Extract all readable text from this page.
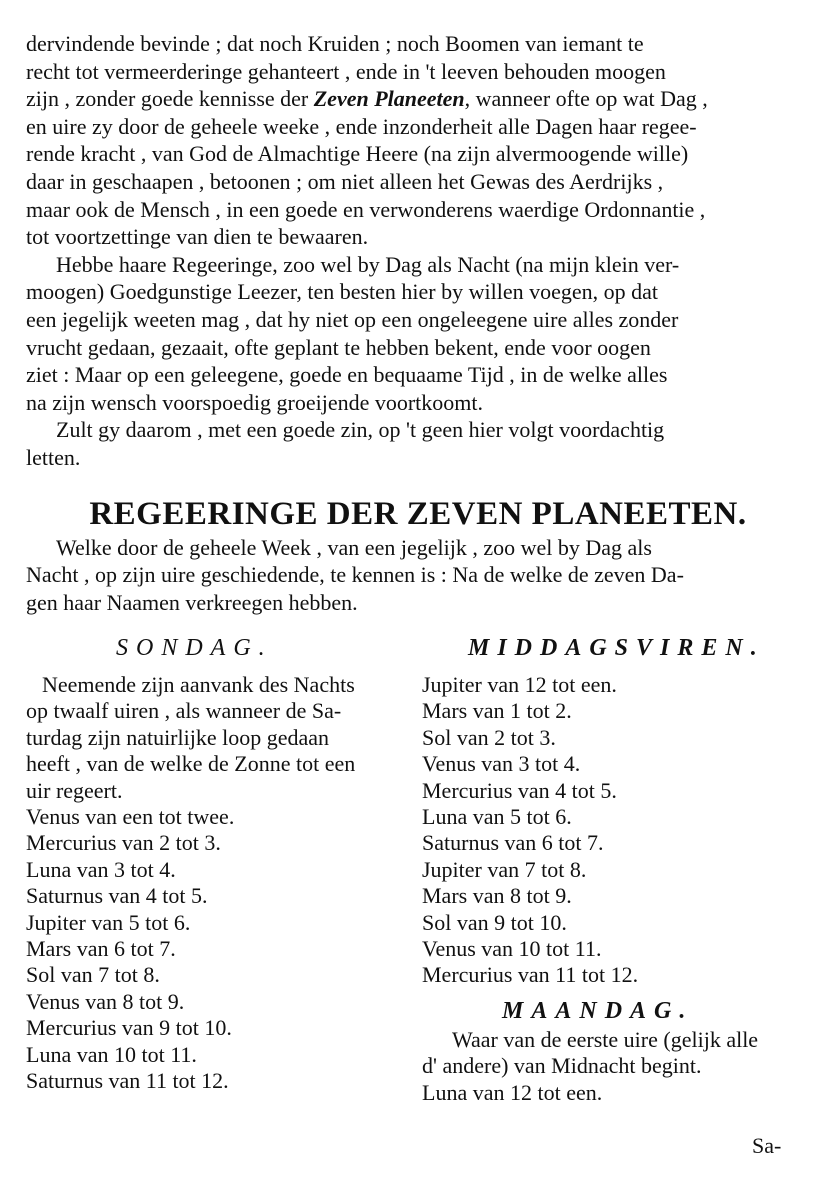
dervindende bevinde ; dat noch Kruiden ; noch Boomen van iemant te
recht tot vermeerderinge gehanteert , ende in 't leeven behouden moogen
zijn , zonder goede kennisse der Zeven Planeeten, wanneer ofte op wat Dag ,
en uire zy door de geheele weeke , ende inzonderheit alle Dagen haar regee-
rende kracht , van God de Almachtige Heere (na zijn alvermoogende wille)
daar in geschaapen , betoonen ; om niet alleen het Gewas des Aerdrijks ,
maar ook de Mensch , in een goede en verwonderens waerdige Ordonnantie ,
tot voortzettinge van dien te bewaaren.

Hebbe haare Regeeringe, zoo wel by Dag als Nacht (na mijn klein ver-
moogen) Goedgunstige Leezer, ten besten hier by willen voegen, op dat
een jegelijk weeten mag , dat hy niet op een ongeleegene uire alles zonder
vrucht gedaan, gezaait, ofte geplant te hebben bekent, ende voor oogen
ziet : Maar op een geleegene, goede en bequaame Tijd , in de welke alles
na zijn wensch voorspoedig groeijende voortkoomt.

Zult gy daarom , met een goede zin, op 't geen hier volgt voordachtig
letten.

REGEERINGE DER ZEVEN PLANEETEN.

Welke door de geheele Week , van een jegelijk , zoo wel by Dag als
Nacht , op zijn uire geschiedende, te kennen is : Na de welke de zeven Da-
gen haar Naamen verkreegen hebben.

SONDAG.

Neemende zijn aanvank des Nachts
op twaalf uiren , als wanneer de Sa-
turdag zijn natuirlijke loop gedaan
heeft , van de welke de Zonne tot een
uir regeert.
Venus van een tot twee.
Mercurius van 2 tot 3.
Luna van 3 tot 4.
Saturnus van 4 tot 5.
Jupiter van 5 tot 6.
Mars van 6 tot 7.
Sol van 7 tot 8.
Venus van 8 tot 9.
Mercurius van 9 tot 10.
Luna van 10 tot 11.
Saturnus van 11 tot 12.

MIDDAGSVIREN.

Jupiter van 12 tot een.
Mars van 1 tot 2.
Sol van 2 tot 3.
Venus van 3 tot 4.
Mercurius van 4 tot 5.
Luna van 5 tot 6.
Saturnus van 6 tot 7.
Jupiter van 7 tot 8.
Mars van 8 tot 9.
Sol van 9 tot 10.
Venus van 10 tot 11.
Mercurius van 11 tot 12.

MAANDAG.

Waar van de eerste uire (gelijk alle
d' andere) van Midnacht begint.
Luna van 12 tot een.
Sa-
